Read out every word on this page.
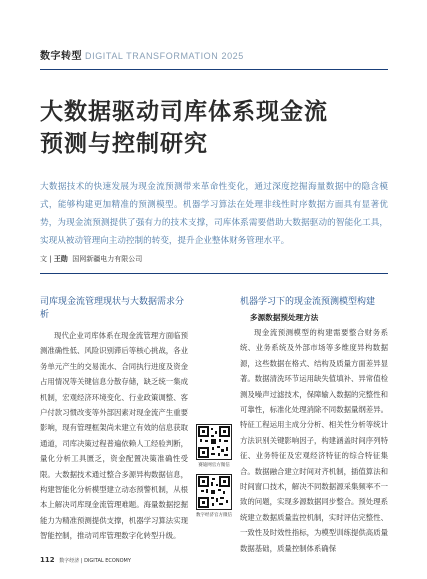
数字转型 DIGITAL TRANSFORMATION 2025
大数据驱动司库体系现金流
预测与控制研究
大数据技术的快速发展为现金流预测带来革命性变化，通过深度挖掘海量数据中的隐含模式，能够构建更加精准的预测模型。机器学习算法在处理非线性时序数据方面具有显著优势，为现金流预测提供了强有力的技术支撑，司库体系需要借助大数据驱动的智能化工具，实现从被动管理向主动控制的转变，提升企业整体财务管理水平。
文 | 王勋 国网新疆电力有限公司
司库现金流管理现状与大数据需求分析
现代企业司库体系在现金流管理方面临预测准确性低、风险识别滞后等核心挑战，各业务单元产生的交易流水、合同执行进度及资金占用情况等关键信息分散存储，缺乏统一集成机制，宏观经济环境变化、行业政策调整、客户付款习惯改变等外部因素对现金流产生重要影响，现有管理框架尚未建立有效的信息获取通道，司库决策过程普遍依赖人工经验判断，量化分析工具匮乏，资金配置决策准确性受限。大数据技术通过整合多源异构数据信息，构建智能化分析模型建立动态预警机制，从根本上解决司库现金流管理难题。海量数据挖掘能力为精准预测提供支撑，机器学习算法实现智能控制，推动司库管理数字化转型升级。
赛迪网官方微信
数字经济官方微信
机器学习下的现金流预测模型构建
多源数据预处理方法
现金流预测模型的构建需要整合财务系统、业务系统及外部市场等多维度异构数据源，这些数据在格式、结构及质量方面差异显著。数据清洗环节运用缺失值填补、异常值检测及噪声过滤技术，保障输入数据的完整性和可靠性，标准化处理消除不同数据量纲差异。特征工程运用主成分分析、相关性分析等统计方法识别关键影响因子，构建涵盖时间序列特征、业务特征及宏观经济特征的综合特征集合。数据融合建立时间对齐机制，插值算法和时间窗口技术，解决不同数据源采集频率不一致的问题，实现多源数据同步整合。预处理系统建立数据质量监控机制，实时评估完整性、一致性及时效性指标，为模型训练提供高质量数据基础，质量控制体系确保
112 数字经济 | DIGITAL ECONOMY
